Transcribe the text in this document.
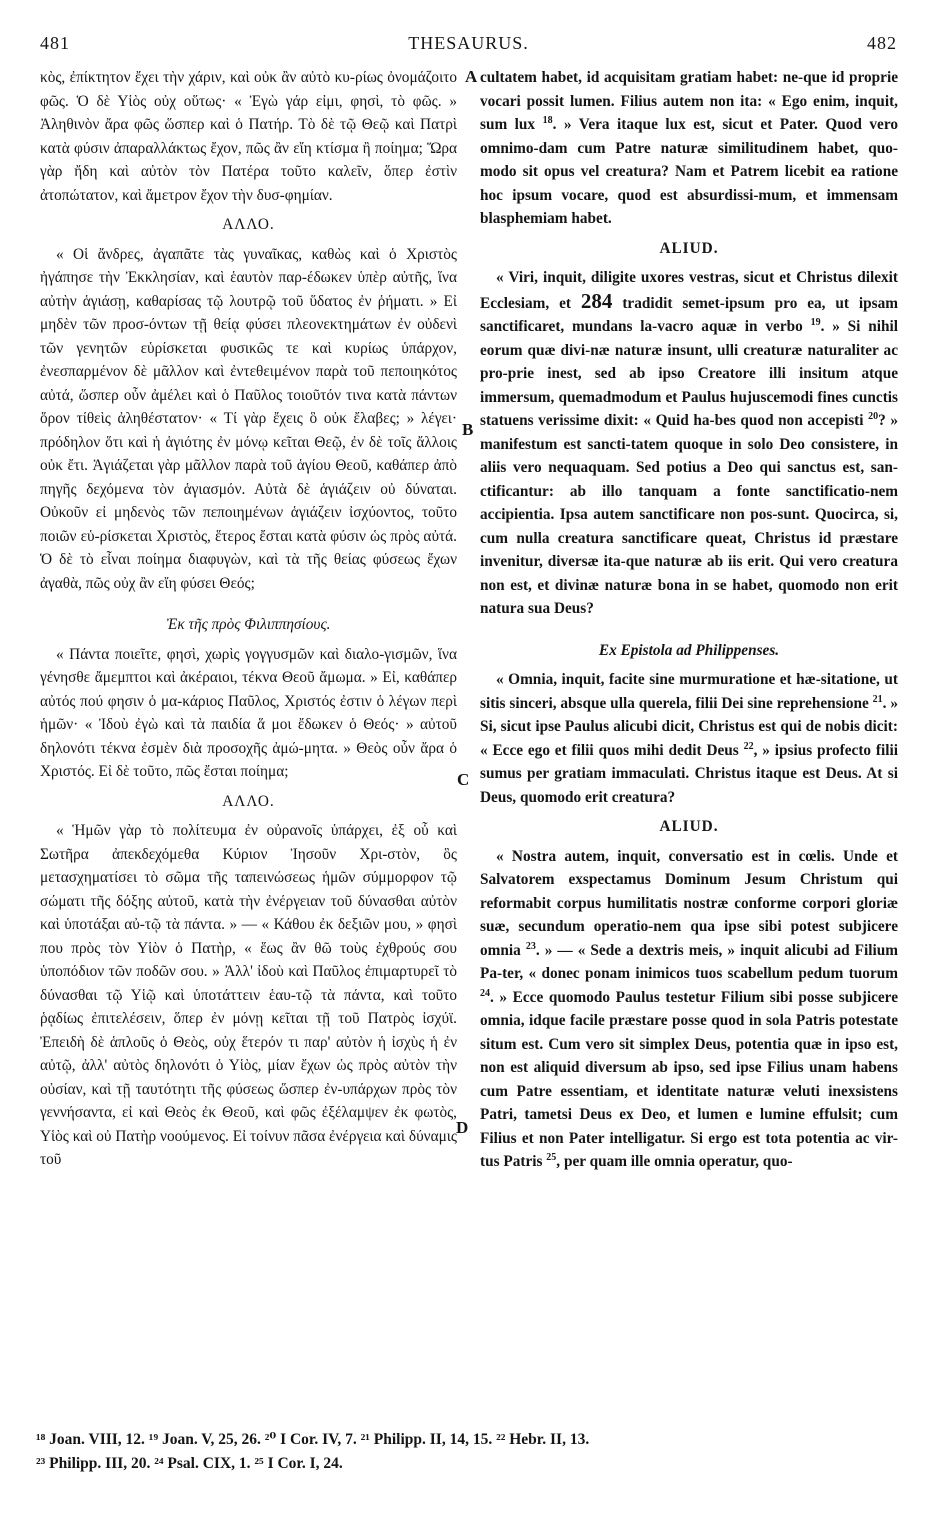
481	THESAURUS.	482

κὸς, ἐπίκτητον ἔχει τὴν χάριν, καὶ οὐκ ἂν αὐτὸ κυ-ρίως ὀνομάζοιτο φῶς. Ὁ δὲ Υἱὸς οὐχ οὕτως· « Ἐγὼ γάρ εἰμι, φησὶ, τὸ φῶς. » Ἀληθινὸν ἄρα φῶς ὥσπερ καὶ ὁ Πατήρ. Τὸ δὲ τῷ Θεῷ καὶ Πατρὶ κατὰ φύσιν ἀπαραλλάκτως ἔχον, πῶς ἂν εἴη κτίσμα ἢ ποίημα; Ὥρα γὰρ ἤδη καὶ αὐτὸν τὸν Πατέρα τοῦτο καλεῖν, ὅπερ ἐστὶν ἀτοπώτατον, καὶ ἄμετρον ἔχον τὴν δυσ-φημίαν.

ΑΛΛΟ.

« Οἱ ἄνδρες, ἀγαπᾶτε τὰς γυναῖκας, καθὼς καὶ ὁ Χριστὸς ἠγάπησε τὴν Ἐκκλησίαν, καὶ ἑαυτὸν παρ-έδωκεν ὑπὲρ αὐτῆς, ἵνα αὐτὴν ἁγιάσῃ, καθαρίσας τῷ λουτρῷ τοῦ ὕδατος ἐν ῥήματι. » Εἰ μηδὲν τῶν προσ-όντων τῇ θείᾳ φύσει πλεονεκτημάτων ἐν οὐδενὶ τῶν γενητῶν εὑρίσκεται φυσικῶς τε καὶ κυρίως ὑπάρχον, ἐνεσπαρμένον δὲ μᾶλλον καὶ ἐντεθειμένον παρὰ τοῦ πεποιηκότος αὐτά, ὥσπερ οὖν ἀμέλει καὶ ὁ Παῦλος τοιοῦτόν τινα κατὰ πάντων ὅρον τίθεὶς ἀληθέστατον· « Τί γὰρ ἔχεις ὃ οὐκ ἔλαβες; » λέγει· πρόδηλον ὅτι καὶ ἡ ἁγιότης ἐν μόνῳ κεῖται Θεῷ, ἐν δὲ τοῖς ἄλλοις οὐκ ἔτι. Ἁγιάζεται γὰρ μᾶλλον παρὰ τοῦ ἁγίου Θεοῦ, καθάπερ ἀπὸ πηγῆς δεχόμενα τὸν ἁγιασμόν. Αὐτὰ δὲ ἁγιάζειν οὐ δύναται. Οὐκοῦν εἰ μηδενὸς τῶν πεποιημένων ἁγιάζειν ἰσχύοντος, τοῦτο ποιῶν εὑ-ρίσκεται Χριστὸς, ἕτερος ἔσται κατὰ φύσιν ὡς πρὸς αὐτά. Ὁ δὲ τὸ εἶναι ποίημα διαφυγὼν, καὶ τὰ τῆς θείας φύσεως ἔχων ἀγαθὰ, πῶς οὐχ ἂν εἴη φύσει Θεός;

Ἐκ τῆς πρὸς Φιλιππησίους.

« Πάντα ποιεῖτε, φησὶ, χωρὶς γογγυσμῶν καὶ διαλο-γισμῶν, ἵνα γένησθε ἄμεμπτοι καὶ ἀκέραιοι, τέκνα Θεοῦ ἄμωμα. » Εἰ, καθάπερ αὐτός πού φησιν ὁ μα-κάριος Παῦλος, Χριστός ἐστιν ὁ λέγων περὶ ἡμῶν· « Ἰδοὺ ἐγὼ καὶ τὰ παιδία ἅ μοι ἔδωκεν ὁ Θεός· » αὐτοῦ δηλονότι τέκνα ἐσμὲν διὰ προσοχῆς ἀμώ-μητα. » Θεὸς οὖν ἄρα ὁ Χριστός. Εἰ δὲ τοῦτο, πῶς ἔσται ποίημα;

ΑΛΛΟ.

« Ἡμῶν γὰρ τὸ πολίτευμα ἐν οὐρανοῖς ὑπάρχει, ἐξ οὗ καὶ Σωτῆρα ἀπεκδεχόμεθα Κύριον Ἰησοῦν Χρι-στὸν, ὃς μετασχηματίσει τὸ σῶμα τῆς ταπεινώσεως ἡμῶν σύμμορφον τῷ σώματι τῆς δόξης αὐτοῦ, κατὰ τὴν ἐνέργειαν τοῦ δύνασθαι αὐτὸν καὶ ὑποτάξαι αὐ-τῷ τὰ πάντα. » — « Κάθου ἐκ δεξιῶν μου, » φησὶ που πρὸς τὸν Υἱὸν ὁ Πατὴρ, « ἕως ἂν θῶ τοὺς ἐχθρούς σου ὑποπόδιον τῶν ποδῶν σου. » Ἀλλ' ἰδοὺ καὶ Παῦλος ἐπιμαρτυρεῖ τὸ δύνασθαι τῷ Υἱῷ καὶ ὑποτάττειν ἑαυ-τῷ τὰ πάντα, καὶ τοῦτο ῥᾳδίως ἐπιτελέσειν, ὅπερ ἐν μόνῃ κεῖται τῇ τοῦ Πατρὸς ἰσχύϊ. Ἐπειδὴ δὲ ἁπλοῦς ὁ Θεὸς, οὐχ ἕτερόν τι παρ' αὐτὸν ἡ ἰσχὺς ἡ ἐν αὐτῷ, ἀλλ' αὐτὸς δηλονότι ὁ Υἱὸς, μίαν ἔχων ὡς πρὸς αὐτὸν τὴν οὐσίαν, καὶ τῇ ταυτότητι τῆς φύσεως ὥσπερ ἐν-υπάρχων πρὸς τὸν γεννήσαντα, εἰ καὶ Θεὸς ἐκ Θεοῦ, καὶ φῶς ἐξέλαμψεν ἐκ φωτὸς, Υἱὸς καὶ οὐ Πατὴρ νοούμενος. Εἰ τοίνυν πᾶσα ἐνέργεια καὶ δύναμις τοῦ

A
B
C
D

cultatem habet, id acquisitam gratiam habet: ne-que id proprie vocari possit lumen. Filius autem non ita: « Ego enim, inquit, sum lux $^{18}$. » Vera itaque lux est, sicut et Pater. Quod vero omnimo-dam cum Patre naturæ similitudinem habet, quo-modo sit opus vel creatura? Nam et Patrem licebit ea ratione hoc ipsum vocare, quod est absurdissi-mum, et immensam blasphemiam habet.

ALIUD.

« Viri, inquit, diligite uxores vestras, sicut et Christus dilexit Ecclesiam, et 284 tradidit semet-ipsum pro ea, ut ipsam sanctificaret, mundans la-vacro aquæ in verbo $^{19}$. » Si nihil eorum quæ divi-næ naturæ insunt, ulli creaturæ naturaliter ac pro-prie inest, sed ab ipso Creatore illi insitum atque immersum, quemadmodum et Paulus hujuscemodi fines cunctis statuens verissime dixit: « Quid ha-bes quod non accepisti $^{20}$? » manifestum est sancti-tatem quoque in solo Deo consistere, in aliis vero nequaquam. Sed potius a Deo qui sanctus est, san-ctificantur: ab illo tanquam a fonte sanctificatio-nem accipientia. Ipsa autem sanctificare non pos-sunt. Quocirca, si, cum nulla creatura sanctificare queat, Christus id præstare invenitur, diversæ ita-que naturæ ab iis erit. Qui vero creatura non est, et divinæ naturæ bona in se habet, quomodo non erit natura sua Deus?

Ex Epistola ad Philippenses.

« Omnia, inquit, facite sine murmuratione et hæ-sitatione, ut sitis sinceri, absque ulla querela, filii Dei sine reprehensione $^{21}$. » Si, sicut ipse Paulus alicubi dicit, Christus est qui de nobis dicit: « Ecce ego et filii quos mihi dedit Deus $^{22}$, » ipsius profecto filii sumus per gratiam immaculati. Christus itaque est Deus. At si Deus, quomodo erit creatura?

ALIUD.

« Nostra autem, inquit, conversatio est in cœlis. Unde et Salvatorem exspectamus Dominum Jesum Christum qui reformabit corpus humilitatis nostræ conforme corpori gloriæ suæ, secundum operatio-nem qua ipse sibi potest subjicere omnia $^{23}$. » — « Sede a dextris meis, » inquit alicubi ad Filium Pa-ter, « donec ponam inimicos tuos scabellum pedum tuorum $^{24}$. » Ecce quomodo Paulus testetur Filium sibi posse subjicere omnia, idque facile præstare posse quod in sola Patris potestate situm est. Cum vero sit simplex Deus, potentia quæ in ipso est, non est aliquid diversum ab ipso, sed ipse Filius unam habens cum Patre essentiam, et identitate naturæ veluti inexsistens Patri, tametsi Deus ex Deo, et lumen e lumine effulsit; cum Filius et non Pater intelligatur. Si ergo est tota potentia ac vir-tus Patris $^{25}$, per quam ille omnia operatur, quo-

¹⁸ Joan. VIII, 12. ¹⁹ Joan. V, 25, 26. ²⁰ I Cor. IV, 7. ²¹ Philipp. II, 14, 15. ²² Hebr. II, 13.
²³ Philipp. III, 20. ²⁴ Psal. CIX, 1. ²⁵ I Cor. I, 24.
